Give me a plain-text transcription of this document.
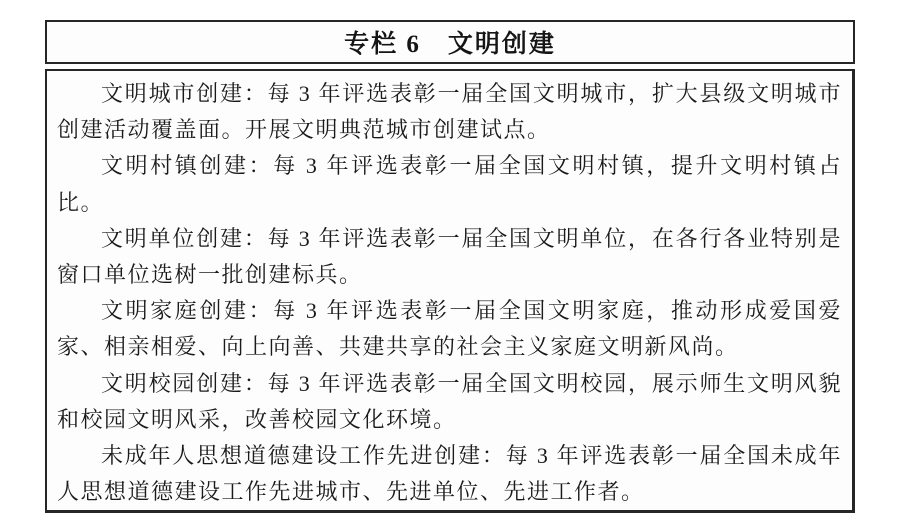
专栏 6　文明创建

文明城市创建：每 3 年评选表彰一届全国文明城市，扩大县级文明城市创建活动覆盖面。开展文明典范城市创建试点。

文明村镇创建：每 3 年评选表彰一届全国文明村镇，提升文明村镇占比。

文明单位创建：每 3 年评选表彰一届全国文明单位，在各行各业特别是窗口单位选树一批创建标兵。

文明家庭创建：每 3 年评选表彰一届全国文明家庭，推动形成爱国爱家、相亲相爱、向上向善、共建共享的社会主义家庭文明新风尚。

文明校园创建：每 3 年评选表彰一届全国文明校园，展示师生文明风貌和校园文明风采，改善校园文化环境。

未成年人思想道德建设工作先进创建：每 3 年评选表彰一届全国未成年人思想道德建设工作先进城市、先进单位、先进工作者。
